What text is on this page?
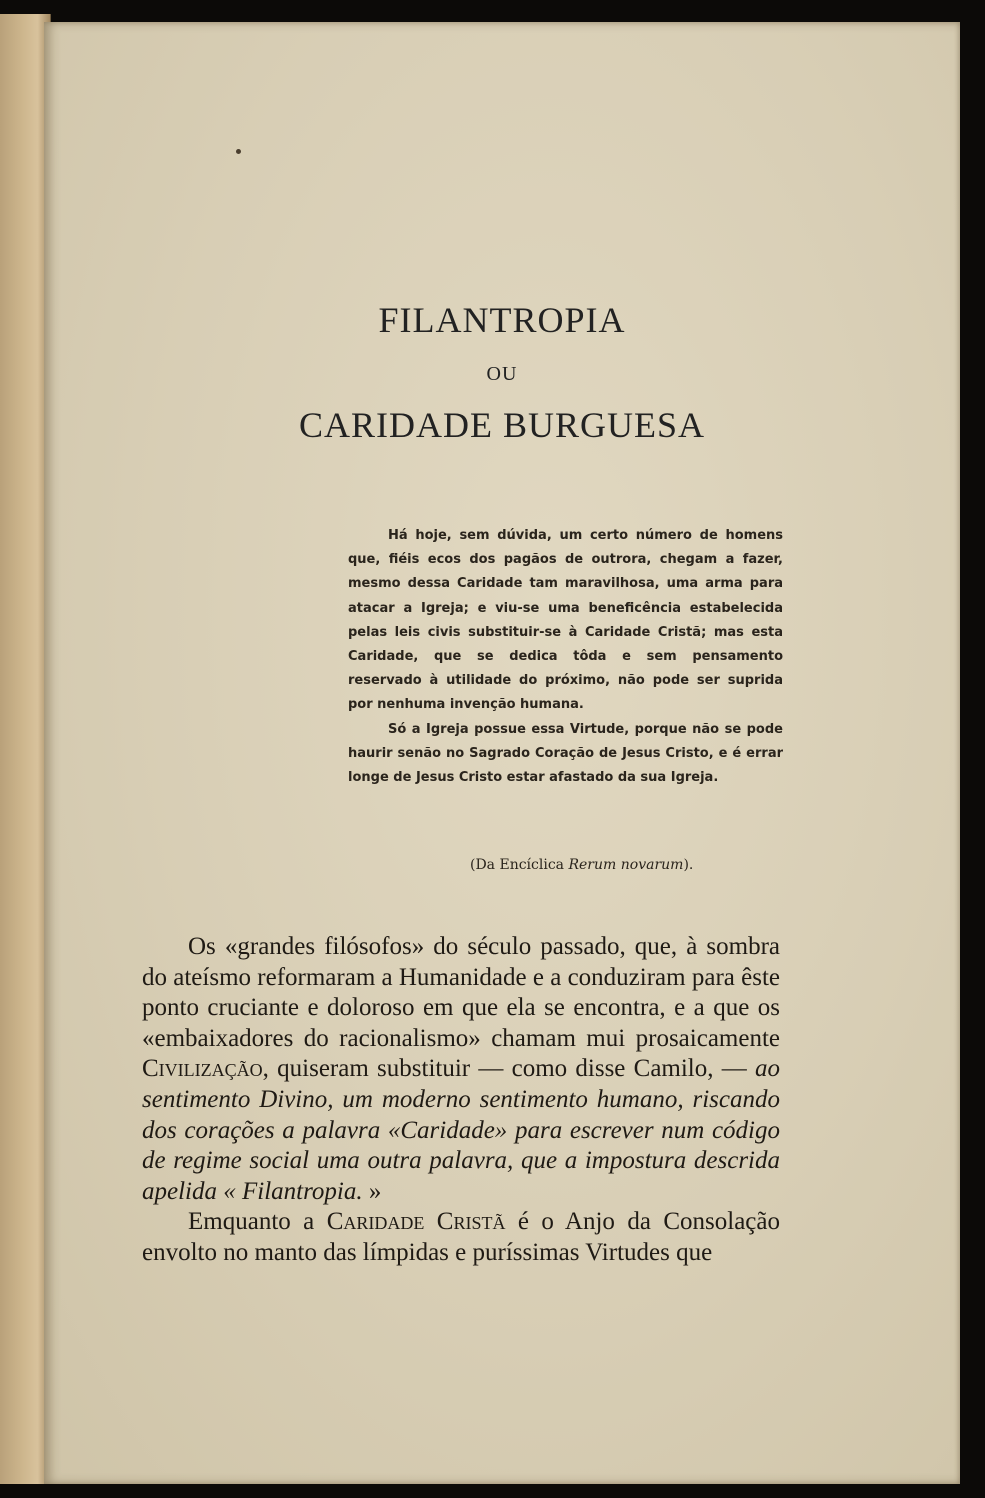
FILANTROPIA
OU
CARIDADE BURGUESA

Há hoje, sem dúvida, um certo número de homens que, fiéis ecos dos pagãos de outrora, chegam a fazer, mesmo dessa Caridade tam maravilhosa, uma arma para atacar a Igreja; e viu-se uma beneficência estabelecida pelas leis civis substituir-se à Caridade Cristã; mas esta Caridade, que se dedica tôda e sem pensamento reservado à utilidade do próximo, não pode ser suprida por nenhuma invenção humana.

Só a Igreja possue essa Virtude, porque não se pode haurir senão no Sagrado Coração de Jesus Cristo, e é errar longe de Jesus Cristo estar afastado da sua Igreja.

(Da Encíclica Rerum novarum).

Os «grandes filósofos» do século passado, que, à sombra do ateísmo reformaram a Humanidade e a conduziram para êste ponto cruciante e doloroso em que ela se encontra, e a que os «embaixadores do racionalismo» chamam mui prosaicamente Civilização, quiseram substituir — como disse Camilo, — ao sentimento Divino, um moderno sentimento humano, riscando dos corações a palavra «Caridade» para escrever num código de regime social uma outra palavra, que a impostura descrida apelida « Filantropia. »

Emquanto a Caridade Cristã é o Anjo da Consolação envolto no manto das límpidas e puríssimas Virtudes que
